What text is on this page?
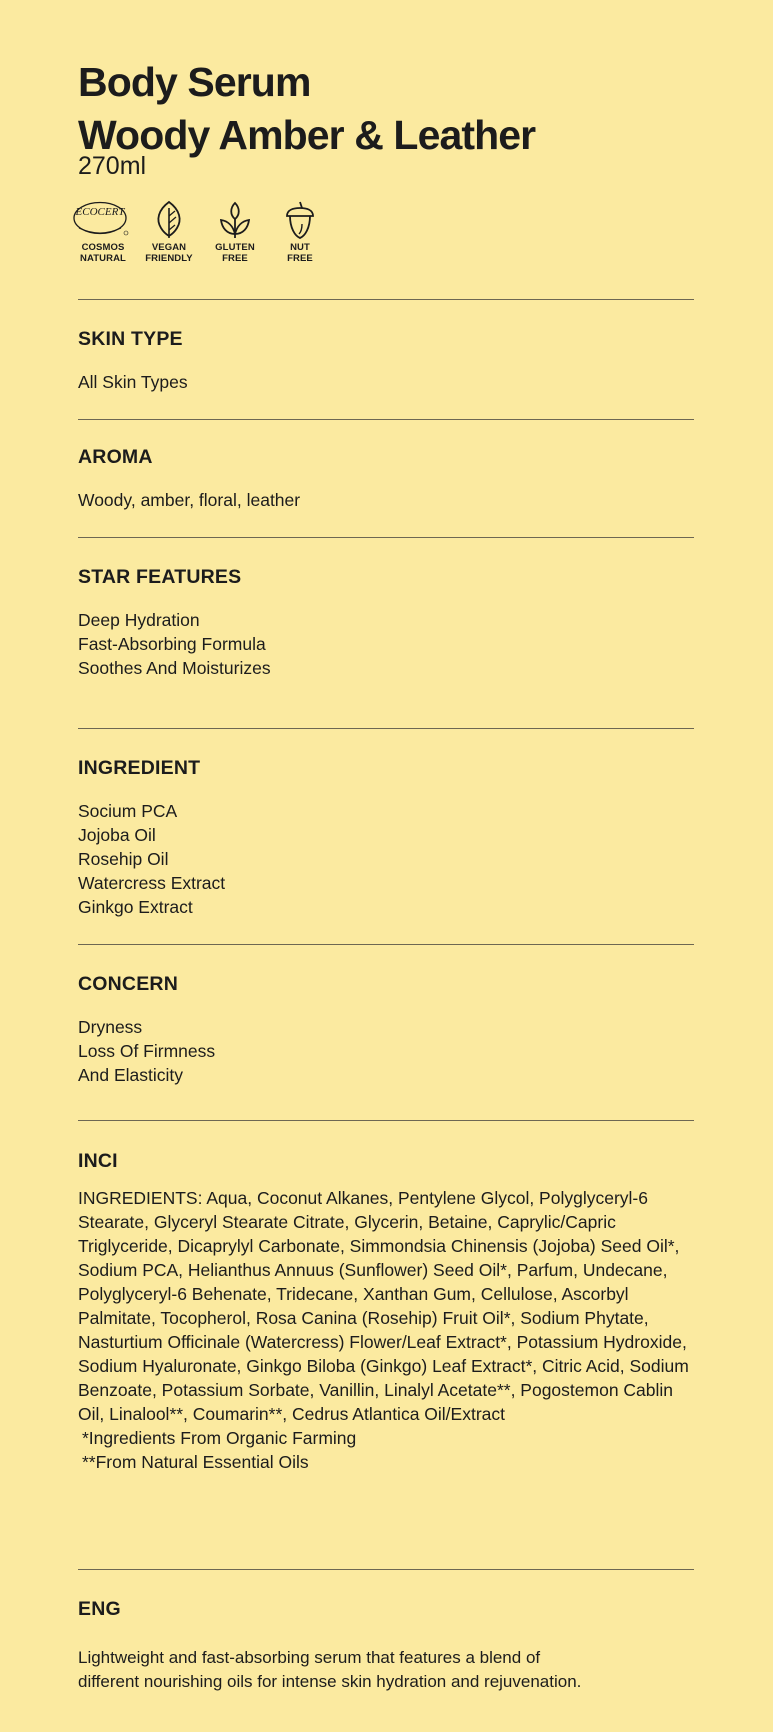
Body Serum
Woody Amber & Leather
270ml
ECOCERT
COSMOS
NATURAL
VEGAN
FRIENDLY
GLUTEN
FREE
NUT
FREE
SKIN TYPE
All Skin Types
AROMA
Woody, amber, floral, leather
STAR FEATURES
Deep Hydration
Fast-Absorbing Formula
Soothes And Moisturizes
INGREDIENT
Socium PCA
Jojoba Oil
Rosehip Oil
Watercress Extract
Ginkgo Extract
CONCERN
Dryness
Loss Of Firmness
And Elasticity
INCI
INGREDIENTS: Aqua, Coconut Alkanes, Pentylene Glycol, Polyglyceryl-6 Stearate, Glyceryl Stearate Citrate, Glycerin, Betaine, Caprylic/Capric Triglyceride, Dicaprylyl Carbonate, Simmondsia Chinensis (Jojoba) Seed Oil*, Sodium PCA, Helianthus Annuus (Sunflower) Seed Oil*, Parfum, Undecane, Polyglyceryl-6 Behenate, Tridecane, Xanthan Gum, Cellulose, Ascorbyl Palmitate, Tocopherol, Rosa Canina (Rosehip) Fruit Oil*, Sodium Phytate, Nasturtium Officinale (Watercress) Flower/Leaf Extract*, Potassium Hydroxide, Sodium Hyaluronate, Ginkgo Biloba (Ginkgo) Leaf Extract*, Citric Acid, Sodium Benzoate, Potassium Sorbate, Vanillin, Linalyl Acetate**, Pogostemon Cablin Oil, Linalool**, Coumarin**, Cedrus Atlantica Oil/Extract
*Ingredients From Organic Farming
**From Natural Essential Oils
ENG
Lightweight and fast-absorbing serum that features a blend of
different nourishing oils for intense skin hydration and rejuvenation.
